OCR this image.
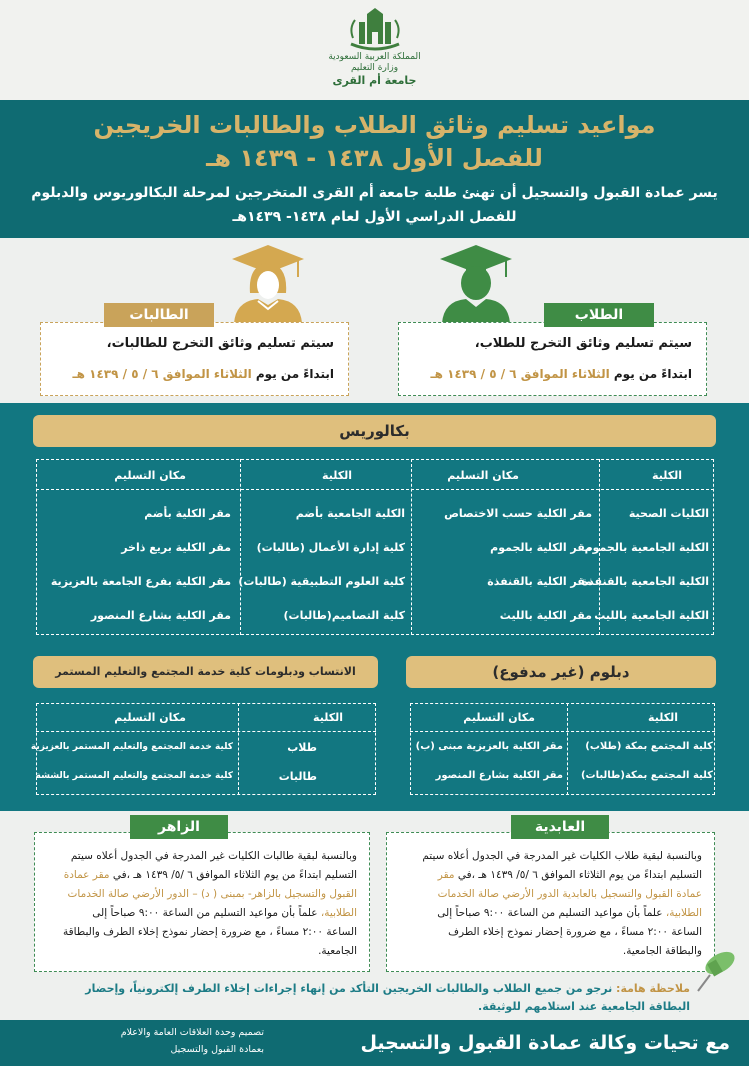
المملكة العربية السعودية
وزارة التعليم
جامعة أم القرى
مواعيد تسليم وثائق الطلاب والطالبات الخريجين
للفصل الأول ١٤٣٨ - ١٤٣٩ هـ
يسر عمادة القبول والتسجيل أن تهنئ طلبة جامعة أم القرى المتخرجين لمرحلة البكالوريوس والدبلوم
للفصل الدراسي الأول لعام ١٤٣٨- ١٤٣٩هـ
سيتم تسليم وثائق التخرج للطلاب،
ابتداءً من يوم الثلاثاء الموافق ٦ / ٥ / ١٤٣٩ هـ
الطلاب
سيتم تسليم وثائق التخرج للطالبات،
ابتداءً من يوم الثلاثاء الموافق ٦ / ٥ / ١٤٣٩ هـ
الطالبات
بكالوريس
الكلية
مكان التسليم
الكلية
مكان التسليم
الكليات الصحية
مقر الكلية حسب الاختصاص
الكلية الجامعية بالجموم
مقر الكلية بالجموم
الكلية الجامعية بالقنفذة
مقر الكلية بالقنفذة
الكلية الجامعية بالليث
مقر الكلية بالليث
الكلية الجامعية بأضم
مقر الكلية بأضم
كلية إدارة الأعمال (طالبات)
مقر الكلية بريع ذاخر
كلية العلوم التطبيقية (طالبات)
مقر الكلية بفرع الجامعة بالعزيزية
كلية التصاميم(طالبات)
مقر الكلية بشارع المنصور
دبلوم (غير مدفوع)
الانتساب ودبلومات كلية خدمة المجتمع والتعليم المستمر
الكلية
مكان التسليم
كلية المجتمع بمكة (طلاب)
مقر الكلية بالعزيزية مبنى (ب)
كلية المجتمع بمكة(طالبات)
مقر الكلية بشارع المنصور
الكلية
مكان التسليم
طلاب
كلية خدمة المجتمع والتعليم المستمر بالعزيزية
طالبات
كلية خدمة المجتمع والتعليم المستمر بالششة
وبالنسبة لبقية طلاب الكليات غير المدرجة في الجدول أعلاه سيتم
التسليم ابتداءً من يوم الثلاثاء الموافق ٦ /٥/ ١٤٣٩ هـ ،في مقر
عمادة القبول والتسجيل بالعابدية الدور الأرضي صالة الخدمات
الطلابية، علماً بأن مواعيد التسليم من الساعة ٩:٠٠ صباحاً إلى
الساعة ٢:٠٠ مساءً ، مع ضرورة إحضار نموذج إخلاء الطرف
والبطاقة الجامعية.
العابدية
وبالنسبة لبقية طالبات الكليات غير المدرجة في الجدول أعلاه سيتم
التسليم ابتداءً من يوم الثلاثاء الموافق ٦ /٥/ ١٤٣٩ هـ ،في مقر عمادة
القبول والتسجيل بالزاهر- بمبنى ( د) – الدور الأرضي صالة الخدمات
الطلابية، علماً بأن مواعيد التسليم من الساعة ٩:٠٠ صباحاً إلى
الساعة ٢:٠٠ مساءً ، مع ضرورة إحضار نموذج إخلاء الطرف والبطاقة
الجامعية.
الزاهر
ملاحظة هامة: نرجو من جميع الطلاب والطالبات الخريجين التأكد من إنهاء إجراءات إخلاء الطرف إلكترونياً، وإحضار
البطاقة الجامعية عند استلامهم للوثيقة.
مع تحيات وكالة عمادة القبول والتسجيل
تصميم وحدة العلاقات العامة والاعلام
بعمادة القبول والتسجيل
